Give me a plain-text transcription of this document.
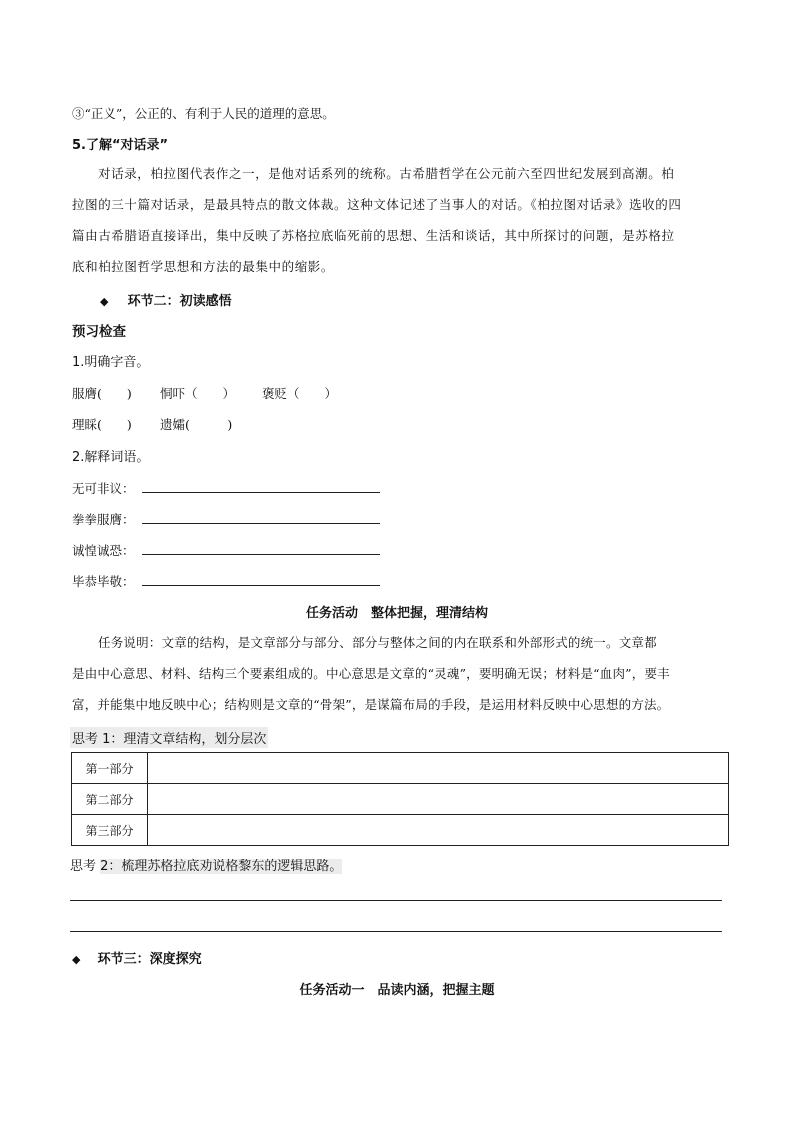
③“正义”，公正的、有利于人民的道理的意思。
5.了解“对话录”
对话录，柏拉图代表作之一，是他对话系列的统称。古希腊哲学在公元前六至四世纪发展到高潮。柏
拉图的三十篇对话录，是最具特点的散文体裁。这种文体记述了当事人的对话。《柏拉图对话录》选收的四
篇由古希腊语直接译出，集中反映了苏格拉底临死前的思想、生活和谈话，其中所探讨的问题，是苏格拉
底和柏拉图哲学思想和方法的最集中的缩影。
◆ 环节二：初读感悟
预习检查
1.明确字音。
服膺(　　) 恫吓（　　） 褒贬（　　）
理睬(　　) 遗孀(　　　)
2.解释词语。
无可非议：
拳拳服膺：
诚惶诚恐：
毕恭毕敬：
任务活动　整体把握，理清结构
任务说明：文章的结构，是文章部分与部分、部分与整体之间的内在联系和外部形式的统一。文章都
是由中心意思、材料、结构三个要素组成的。中心意思是文章的“灵魂”，要明确无误；材料是“血肉”，要丰
富，并能集中地反映中心；结构则是文章的“骨架”，是谋篇布局的手段，是运用材料反映中心思想的方法。
思考 1：理清文章结构，划分层次
第一部分	
第二部分	
第三部分	
思考 2：梳理苏格拉底劝说格黎东的逻辑思路。
◆ 环节三：深度探究
任务活动一　品读内涵，把握主题
